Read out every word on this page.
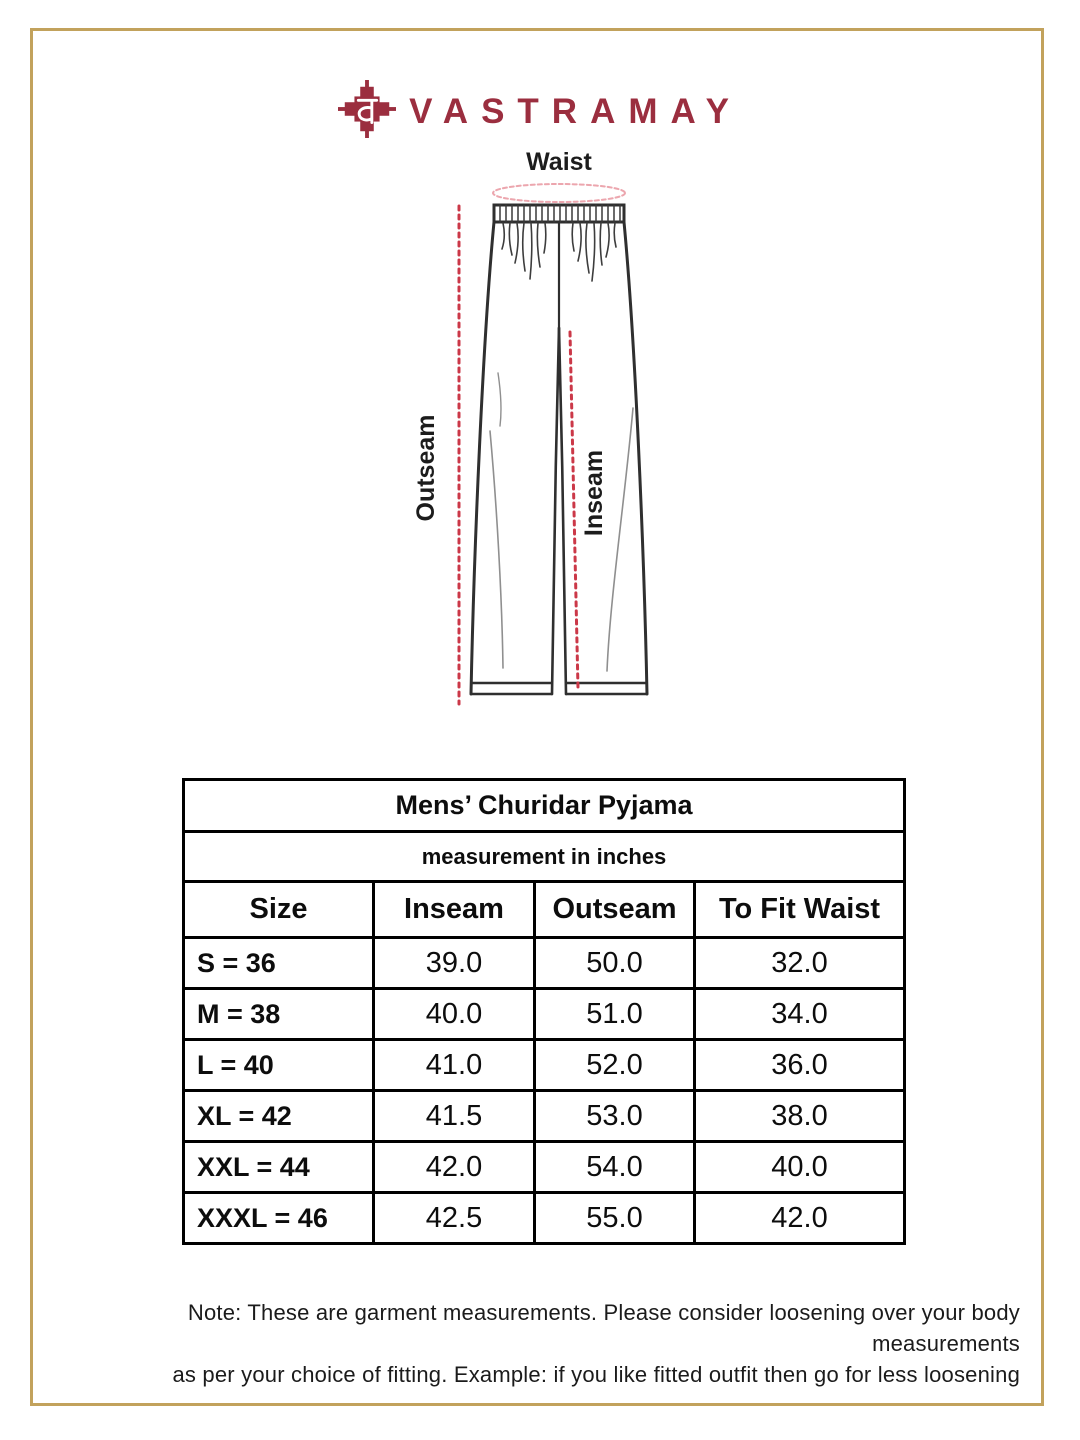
VASTRAMAY
Waist
Outseam	Inseam
Mens’ Churidar Pyjama			
measurement in inches			
Size	Inseam	Outseam	To Fit Waist
S = 36	39.0	50.0	32.0
M = 38	40.0	51.0	34.0
L = 40	41.0	52.0	36.0
XL = 42	41.5	53.0	38.0
XXL = 44	42.0	54.0	40.0
XXXL = 46	42.5	55.0	42.0
Note: These are garment measurements. Please consider loosening over your body measurements
as per your choice of fitting. Example: if you like fitted outfit then go for less loosening
